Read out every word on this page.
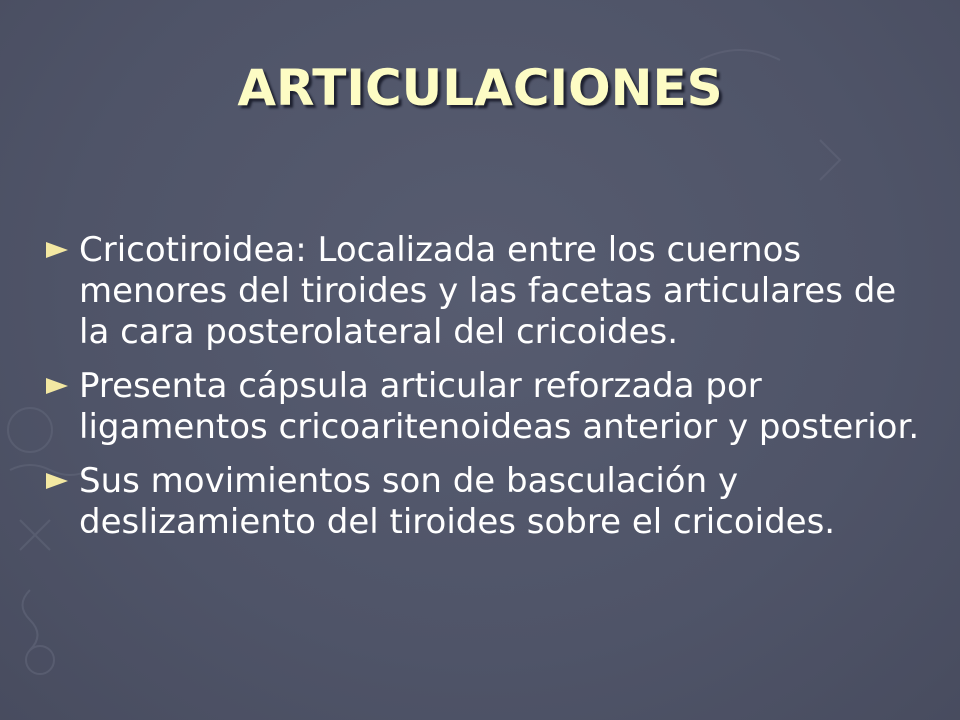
ARTICULACIONES
Cricotiroidea: Localizada entre los cuernos menores del tiroides y las facetas articulares de la cara posterolateral del cricoides.
Presenta cápsula articular reforzada por ligamentos cricoaritenoideas anterior y posterior.
Sus movimientos son de basculación y deslizamiento del tiroides sobre el cricoides.
